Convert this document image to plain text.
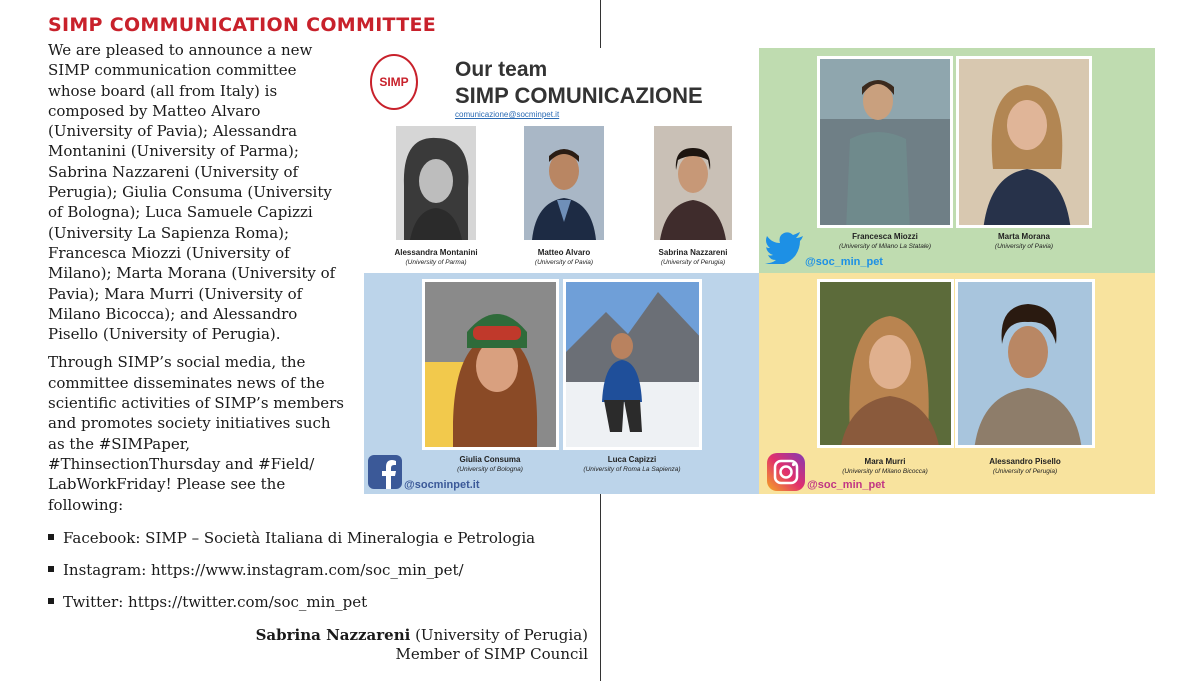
SIMP COMMUNICATION COMMITTEE

We are pleased to announce a new SIMP communication committee whose board (all from Italy) is composed by Matteo Alvaro (University of Pavia); Alessandra Montanini (University of Parma); Sabrina Nazzareni (University of Perugia); Giulia Consuma (University of Bologna); Luca Samuele Capizzi (University La Sapienza Roma); Francesca Miozzi (University of Milano); Marta Morana (University of Pavia); Mara Murri (University of Milano Bicocca); and Alessandro Pisello (University of Perugia).

Through SIMP’s social media, the committee disseminates news of the scientific activities of SIMP’s members and promotes society initiatives such as the #SIMPaper, #ThinsectionThursday and #Field/ LabWorkFriday! Please see the following:

Facebook: SIMP – Società Italiana di Mineralogia e Petrologia
Instagram: https://www.instagram.com/soc_min_pet/
Twitter: https://twitter.com/soc_min_pet
Sabrina Nazzareni (University of Perugia)
Member of SIMP Council
SIMP
Our team
SIMP COMUNICAZIONE
comunicazione@socminpet.it
Alessandra Montanini
(University of Parma)
Matteo Alvaro
(University of Pavia)
Sabrina Nazzareni
(University of Perugia)
Francesca Miozzi
(University of Milano La Statale)
Marta Morana
(University of Pavia)
@soc_min_pet
Giulia Consuma
(University of Bologna)
Luca Capizzi
(University of Roma La Sapienza)
@socminpet.it
Mara Murri
(University of Milano Bicocca)
Alessandro Pisello
(University of Perugia)
@soc_min_pet
